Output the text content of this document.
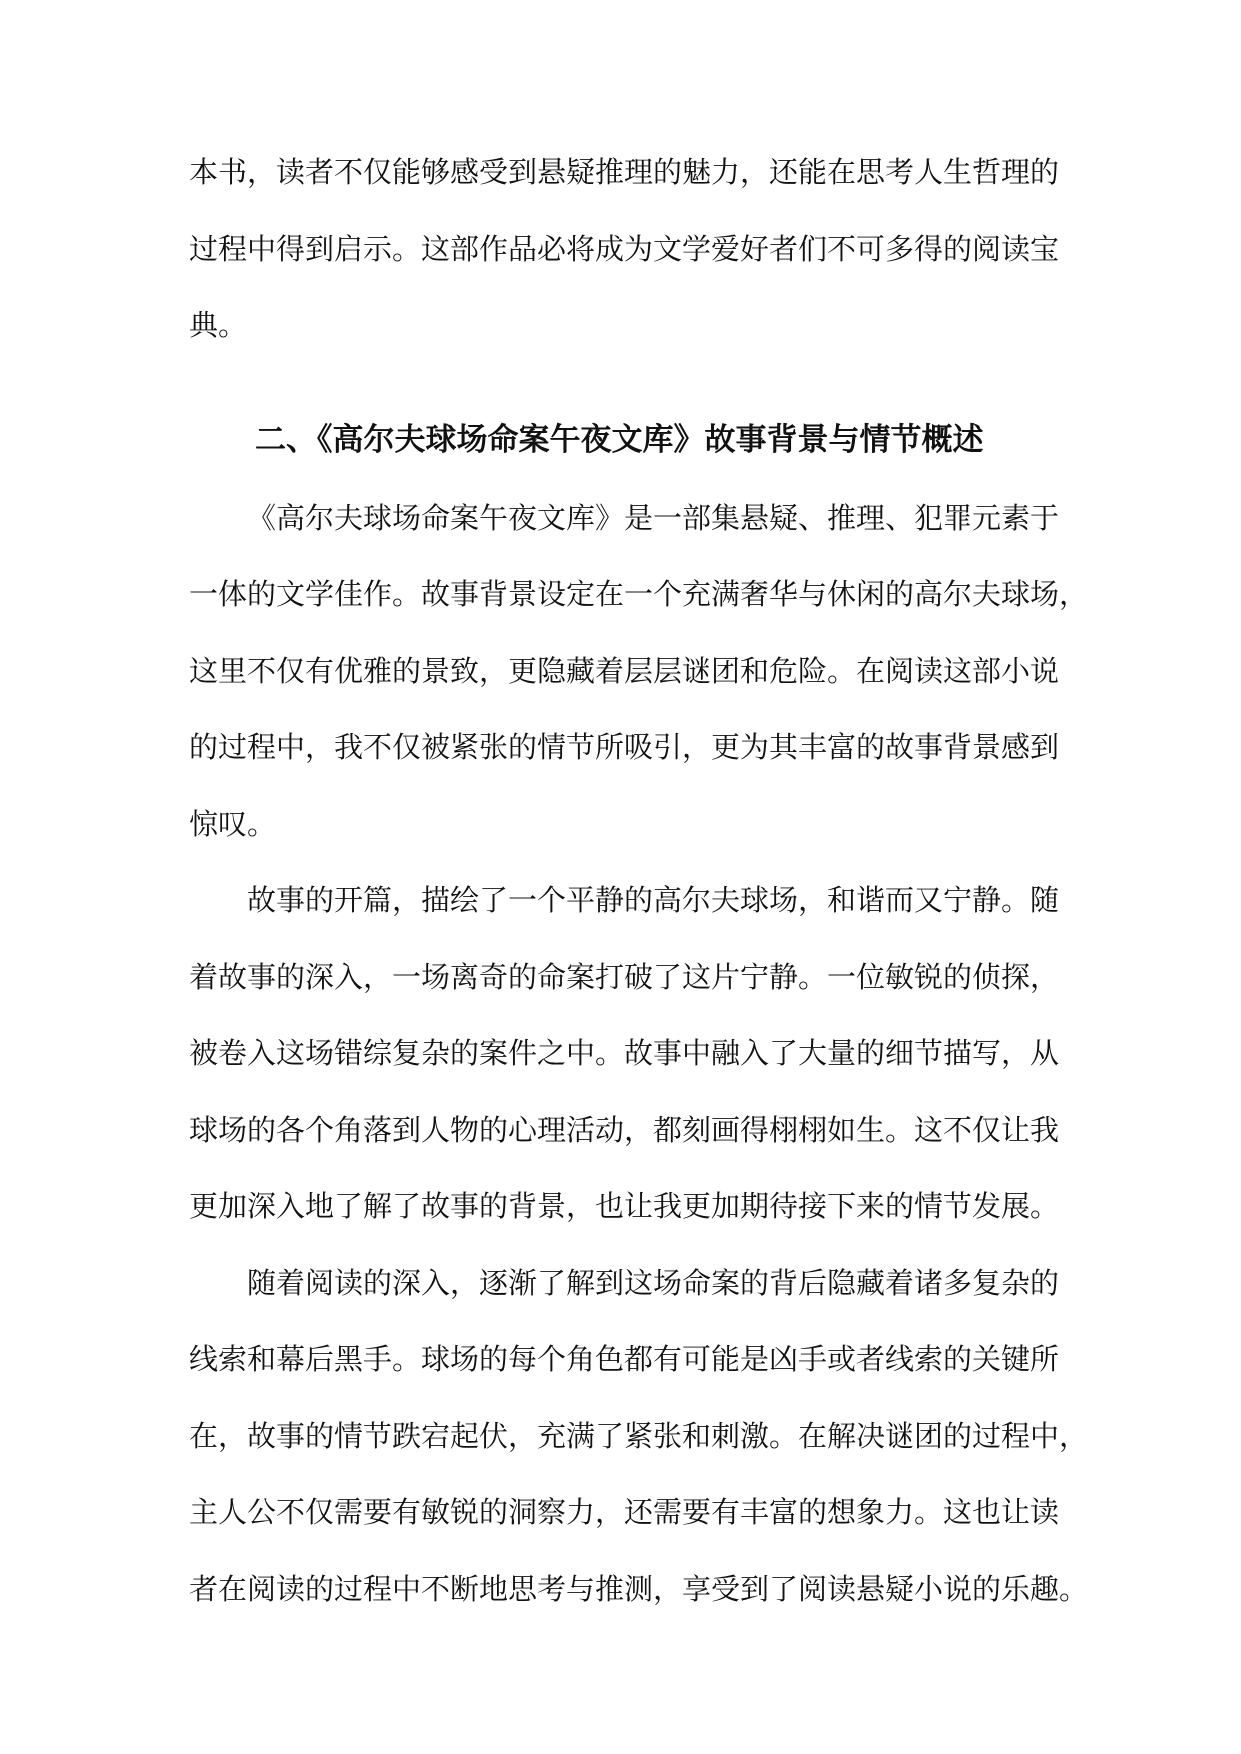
本书，读者不仅能够感受到悬疑推理的魅力，还能在思考人生哲理的
过程中得到启示。这部作品必将成为文学爱好者们不可多得的阅读宝
典。
二、《高尔夫球场命案午夜文库》故事背景与情节概述
《高尔夫球场命案午夜文库》是一部集悬疑、推理、犯罪元素于
一体的文学佳作。故事背景设定在一个充满奢华与休闲的高尔夫球场，
这里不仅有优雅的景致，更隐藏着层层谜团和危险。在阅读这部小说
的过程中，我不仅被紧张的情节所吸引，更为其丰富的故事背景感到
惊叹。
故事的开篇，描绘了一个平静的高尔夫球场，和谐而又宁静。随
着故事的深入，一场离奇的命案打破了这片宁静。一位敏锐的侦探，
被卷入这场错综复杂的案件之中。故事中融入了大量的细节描写，从
球场的各个角落到人物的心理活动，都刻画得栩栩如生。这不仅让我
更加深入地了解了故事的背景，也让我更加期待接下来的情节发展。
随着阅读的深入，逐渐了解到这场命案的背后隐藏着诸多复杂的
线索和幕后黑手。球场的每个角色都有可能是凶手或者线索的关键所
在，故事的情节跌宕起伏，充满了紧张和刺激。在解决谜团的过程中，
主人公不仅需要有敏锐的洞察力，还需要有丰富的想象力。这也让读
者在阅读的过程中不断地思考与推测，享受到了阅读悬疑小说的乐趣。
